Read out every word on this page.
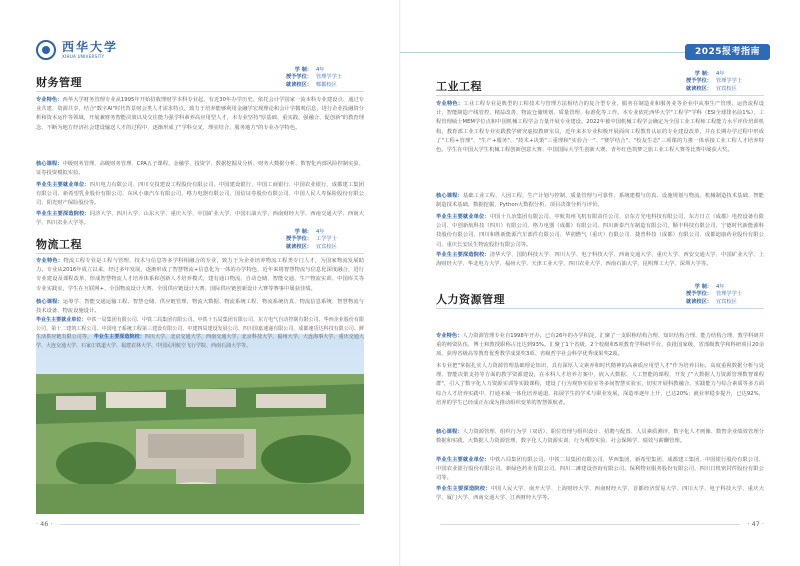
西华大学
XIHUA UNIVERSITY
财务管理
学 制： 4年
授予学位： 管理学学士
就读校区： 郫都校区

专业特色：西华大学财务管理专业从1995年开始招收理财学本科专业起，有近30年办学历史。依托会计学国家一流本科专业建设点、通过专业共建、资源共享，结合"数字AI"时代背景财会类人才需求特点，致力于培养能够利用金融学宏观理论和会计学微观信息，进行企业投融资分析和资本运作等领域，开展兼财务智能决策以及交往能力强学科素养高应用型人才，本专业坚持"厚基础、重实践、强融合、促创新"的教育理念，不断为地方经济社会建设输送人才的过程中，逐渐形成了"学科交叉、理实结合、服务地方"的专业办学特色。

核心课程：中级财务管理、高级财务管理、CPA五子课程、金融学、投资学、数据挖掘及分析、财务大数据分析、数智化内部风险控制实验、证券投资模拟实验。

毕业生主要就业单位：四川电力有限公司、四川交投建设工程股份有限公司、中国建设银行、中国工商银行、中国农业银行、成都建工集团有限公司、新希望乳业股份有限公司、东风小康汽车有限公司、格力电器有限公司、国信证券股份有限公司、中国人民人寿保险股份有限公司、阳光财产保险股份等。

毕业生主要深造院校：同济大学、四川大学、山东大学、重庆大学、中国矿业大学、中国石油大学、西南财经大学、西南交通大学、西南大学、四川农业大学等。

物流工程
学 制： 4年
授予学位： 工学学士
就读校区： 宜宾校区

专业特色：物流工程专业是工程与管理、技术与信息等多学科相融合的专业，致力于为企业培养物流工程类专门人才，为国家物流发展助力。专业从2016年成立以来，经过多年发展，逐渐形成了智慧物流+信息化为一体的办学特色，近年来将智慧物流与信息化深度融合，进行专业建设及课程改革，形成智慧物流人才培养体系和创新人才培养模式，建有通口物流、自动仓储、智能交通、生产物流实训、中国库关等专业实践室，学生在互联网+、全国物流设计大赛、全国供应链设计大赛、国际供应链创新设计大赛等赛事中屡获佳绩。

· 46 ·
2025报考指南
工业工程
学 制： 4年
授予学位： 管理学学士
就读校区： 宜宾校区

专业特色：工业工程专业是典型的工程技术与管理方法相结合的复合型专业，服务在制造业和服务业等企业中从事生产管理、运营流程设计、智能制造产线管控、精益改善、物流仓储规划、质量管理、标准化等工作。本专业依托西华大学"工程学"学科（ESI全球排名前1%），工程管理硕士MEM学位点和中国机械工程学会力量开展专业建设。2022年被中国机械工程学会确定为全国工业工程师工程能力水平评价培训机构，教育部工业工程专业实践教学研究虚拟教研室员，近年来本专业积极开展面向工程教育认证的专业建设改革，并在长期办学过程中形成了"工程+管理"、"生产+服务"、"技术+决策"三重理和"实验合一"、"赛学结合"、"校友生态"三项课的力推一体承接工业工程人才培养特色。学生在中国大学生机械工程创新创意大赛、中国国际大学生创新大赛、青年红色筑梦之旅工业工程大赛等比赛中屡获大奖。

核心课程：基础工业工程、人因工程、生产计划与控制、质量管理与可靠性、系统建模与仿真、设施规划与物流、机械制造技术基础、智能制造技术基础、数据挖掘、Python大数据分析、项目决策分析与评价。

毕业生主要就业单位：中国十九冶集团有限公司、中航贵州飞机有限责任公司、京东方光电科技有限公司、东方日立（成都）电控设备有限公司、中创新航科技（四川）有限公司、格力电器（成都）有限公司、四川新泰汽车制造有限公司、顺丰科技有限公司、宁德时代新能源科技股份有限公司、四川和胜新能源汽车部件有限公司、华润燃气（重庆）有限公司、捷普科技（成都）有限公司、成都迪康药业股份有限公司、重庆长安民生物流股份有限公司等。

毕业生主要深造院校：清华大学、国防科技大学、四川大学、电子科技大学、西南交通大学、重庆大学、西安交通大学、中国矿业大学、上海财经大学、华北电力大学、福州大学、天津工业大学、四川农业大学、西南石油大学、昆明理工大学、深圳大学等。

人力资源管理
学 制： 4年
授予学位： 管理学学士
就读校区： 宜宾校区

专业特色：人力资源管理专业自1998年开办，已有26年的办学积淀，汇聚了一支职称结构合理、知识结构合理、能力结构合理、教学科研并重的师资队伍，博士和教授职称占比达到93%。汇聚了1个省级、2个校级和5项教育学科研平台，获批国家级、省部级教学和科研项目20余项，获得省级高等教育优秀教学成果奖3项、省级哲学社会科学优秀成果奖2项。

本专业把"掌握扎实人力资源管理基础理论知识，具有深厚人文素养和时代精神的高素质应用型人才"作为培养目标，高度重视数据分析与处理、智能决策支持等方面的教学资源建设，在本科人才培养方案中，嵌入大数据、人工智能的课程，开发了"大数据人力资源管理数智课程群"，引入了数字化人力资源实训等实践课程，建设了行为观察实验室等多间智慧实验室，切实开展科教融合、实践能力与综合素质等多方面综合人才培养实践中，打通本硕一体化培养通道，拓展学生的学术与职业发展，深造率逐年上升，已达20%；就业率稳步提升，已达92%，培养的学生已经成正在成为推动组织变革的智慧领航者。

核心课程：人力资源管理、组织行为学（双语）、职位管理与组织设计、招聘与配置、人员素质测评、数字化人才画像、数智企业绩效管理分数据和实践、大数据人力资源管理、数字化人力资源实训、行为观察实验、社会保障学、绩效与薪酬管理。

毕业生主要就业单位：中铁八局集团有限公司、中铁二局集团有限公司、华西集团、新希望集团、成都建工集团、中国银行股份有限公司、中国农业银行股份有限公司、新绿色药业有限公司、四川二滩建设咨询有限公司、保利物业服务股份有限公司、四川日机密封件股份有限公司等。

毕业生主要深造院校：中国人民大学、南开大学、上海财经大学、西南财经大学、首都经济贸易大学、四川大学、电子科技大学、重庆大学、厦门大学、西南交通大学、江西财经大学等。

· 47 ·

核心课程：运筹学、智能交通运输工程、智慧仓储、供应链管理、物流大数据、物流系统工程、物流系统仿真、物流信息系统、智慧物流与技术设备、物流设施设计。

毕业生主要就业单位：中铁一局集团有限公司、中铁二局集团有限公司、中铁十五局集团有限公司、东方电气自动控制有限公司、华西企业股份有限公司、第十二建筑工程公司、中国电子系统工程第三建设有限公司、中建四局建设发展公司、四川国嘉速递有限公司、成都速货达科技有限公司、鲜生活供应链有限公司等。 毕业生主要深造院校：四川大学、北京交通大学、西南交通大学、北京科技大学、福州大学、大连海事大学、重庆交通大学、大连交通大学、石家庄铁道大学、福建农林大学、中国民用航空飞行学院、西南石油大学等。
